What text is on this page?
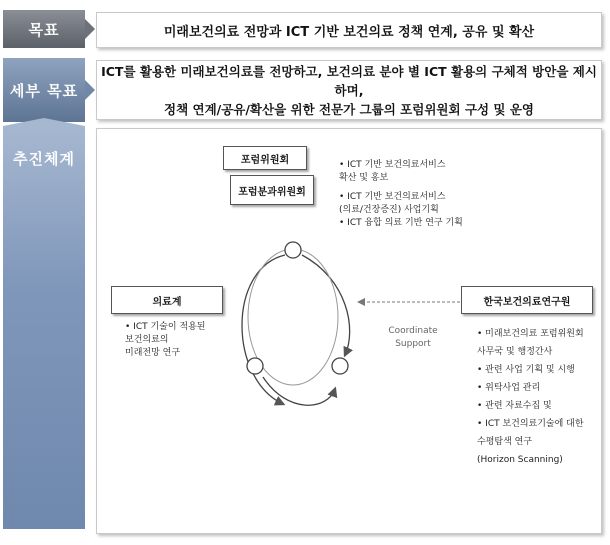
목표
세부 목표
추진체계
미래보건의료 전망과 ICT 기반 보건의료 정책 연계, 공유 및 확산
ICT를 활용한 미래보건의료를 전망하고, 보건의료 분야 별 ICT 활용의 구체적 방안을 제시하며,
정책 연계/공유/확산을 위한 전문가 그룹의 포럼위원회 구성 및 운영
포럼위원회
포럼분과위원회
• ICT 기반 보건의료서비스
확산 및 홍보
• ICT 기반 보건의료서비스
(의료/건장증진) 사업기획
• ICT 융합 의료 기반 연구 기획
의료계
• ICT 기술이 적용된
보건의료의
미래전망 연구
한국보건의료연구원
• 미래보건의료 포럼위원회
사무국 및 행정간사
• 관련 사업 기획 및 시행
• 위탁사업 관리
• 관련 자료수집 및
• ICT 보건의료기술에 대한
수평탐색 연구
(Horizon Scanning)
Coordinate
Support
